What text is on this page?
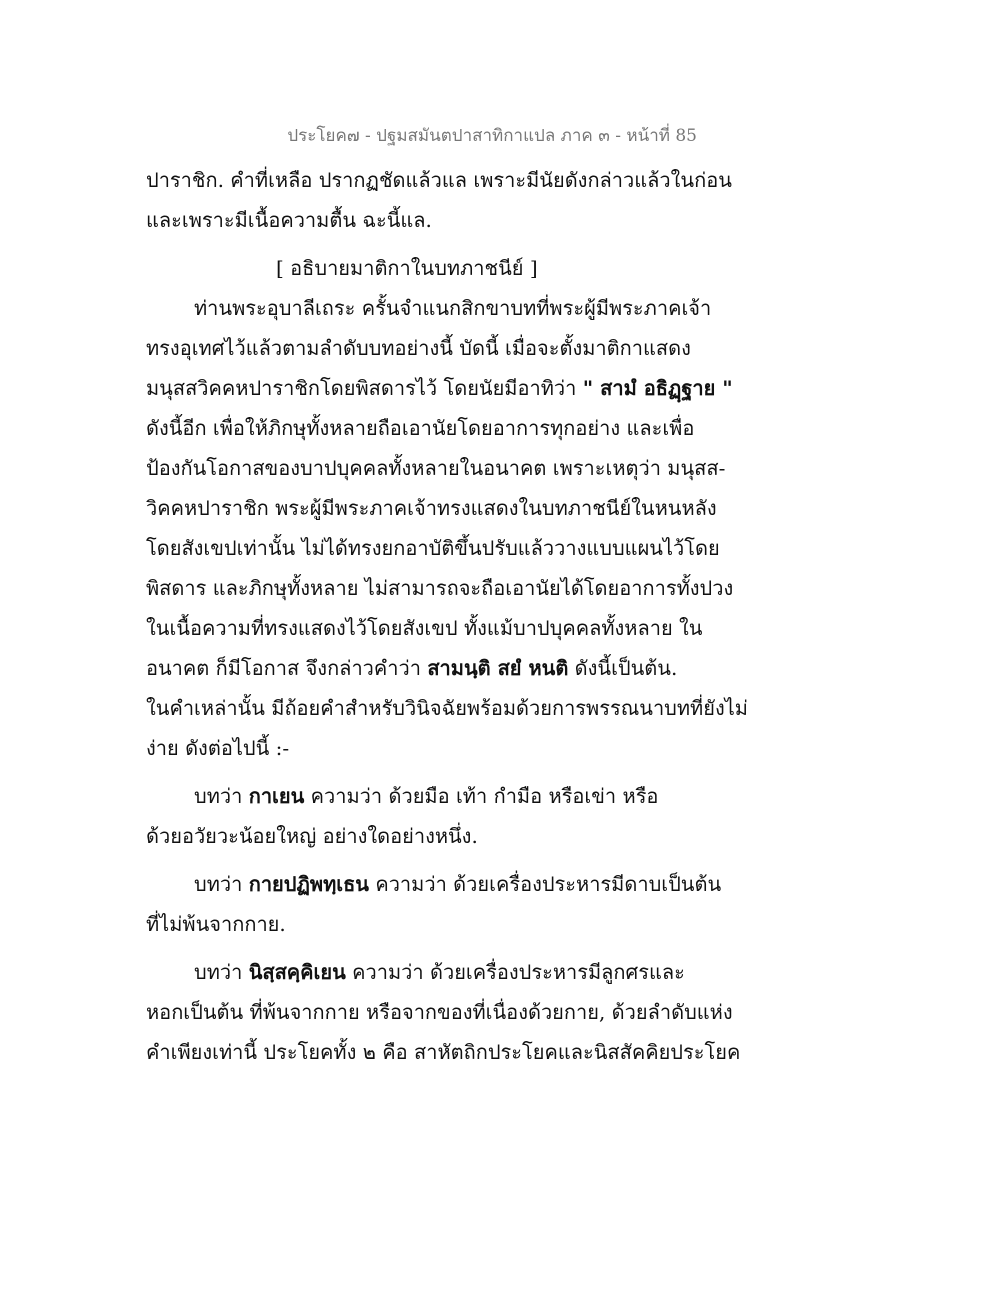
ประโยค๗ - ปฐมสมันตปาสาทิกาแปล ภาค ๓ - หน้าที่ 85
ปาราชิก. คำที่เหลือ ปรากฏชัดแล้วแล เพราะมีนัยดังกล่าวแล้วในก่อน
และเพราะมีเนื้อความตื้น ฉะนี้แล.
[ อธิบายมาติกาในบทภาชนีย์ ]
ท่านพระอุบาลีเถระ ครั้นจำแนกสิกขาบทที่พระผู้มีพระภาคเจ้า
ทรงอุเทศไว้แล้วตามลำดับบทอย่างนี้ บัดนี้ เมื่อจะตั้งมาติกาแสดง
มนุสสวิคคหปาราชิกโดยพิสดารไว้ โดยนัยมีอาทิว่า " สามํ อธิฏฺฐาย "
ดังนี้อีก เพื่อให้ภิกษุทั้งหลายถือเอานัยโดยอาการทุกอย่าง และเพื่อ
ป้องกันโอกาสของบาปบุคคลทั้งหลายในอนาคต เพราะเหตุว่า มนุสส-
วิคคหปาราชิก พระผู้มีพระภาคเจ้าทรงแสดงในบทภาชนีย์ในหนหลัง
โดยสังเขปเท่านั้น ไม่ได้ทรงยกอาบัติขึ้นปรับแล้ววางแบบแผนไว้โดย
พิสดาร และภิกษุทั้งหลาย ไม่สามารถจะถือเอานัยได้โดยอาการทั้งปวง
ในเนื้อความที่ทรงแสดงไว้โดยสังเขป ทั้งแม้บาปบุคคลทั้งหลาย ใน
อนาคต ก็มีโอกาส จึงกล่าวคำว่า สามนฺติ สยํ หนติ ดังนี้เป็นต้น.
ในคำเหล่านั้น มีถ้อยคำสำหรับวินิจฉัยพร้อมด้วยการพรรณนาบทที่ยังไม่
ง่าย ดังต่อไปนี้ :-
บทว่า กาเยน ความว่า ด้วยมือ เท้า กำมือ หรือเข่า หรือ
ด้วยอวัยวะน้อยใหญ่ อย่างใดอย่างหนึ่ง.
บทว่า กายปฏิพทฺเธน ความว่า ด้วยเครื่องประหารมีดาบเป็นต้น
ที่ไม่พ้นจากกาย.
บทว่า นิสฺสคฺคิเยน ความว่า ด้วยเครื่องประหารมีลูกศรและ
หอกเป็นต้น ที่พ้นจากกาย หรือจากของที่เนื่องด้วยกาย, ด้วยลำดับแห่ง
คำเพียงเท่านี้ ประโยคทั้ง ๒ คือ สาหัตถิกประโยคและนิสสัคคิยประโยค
